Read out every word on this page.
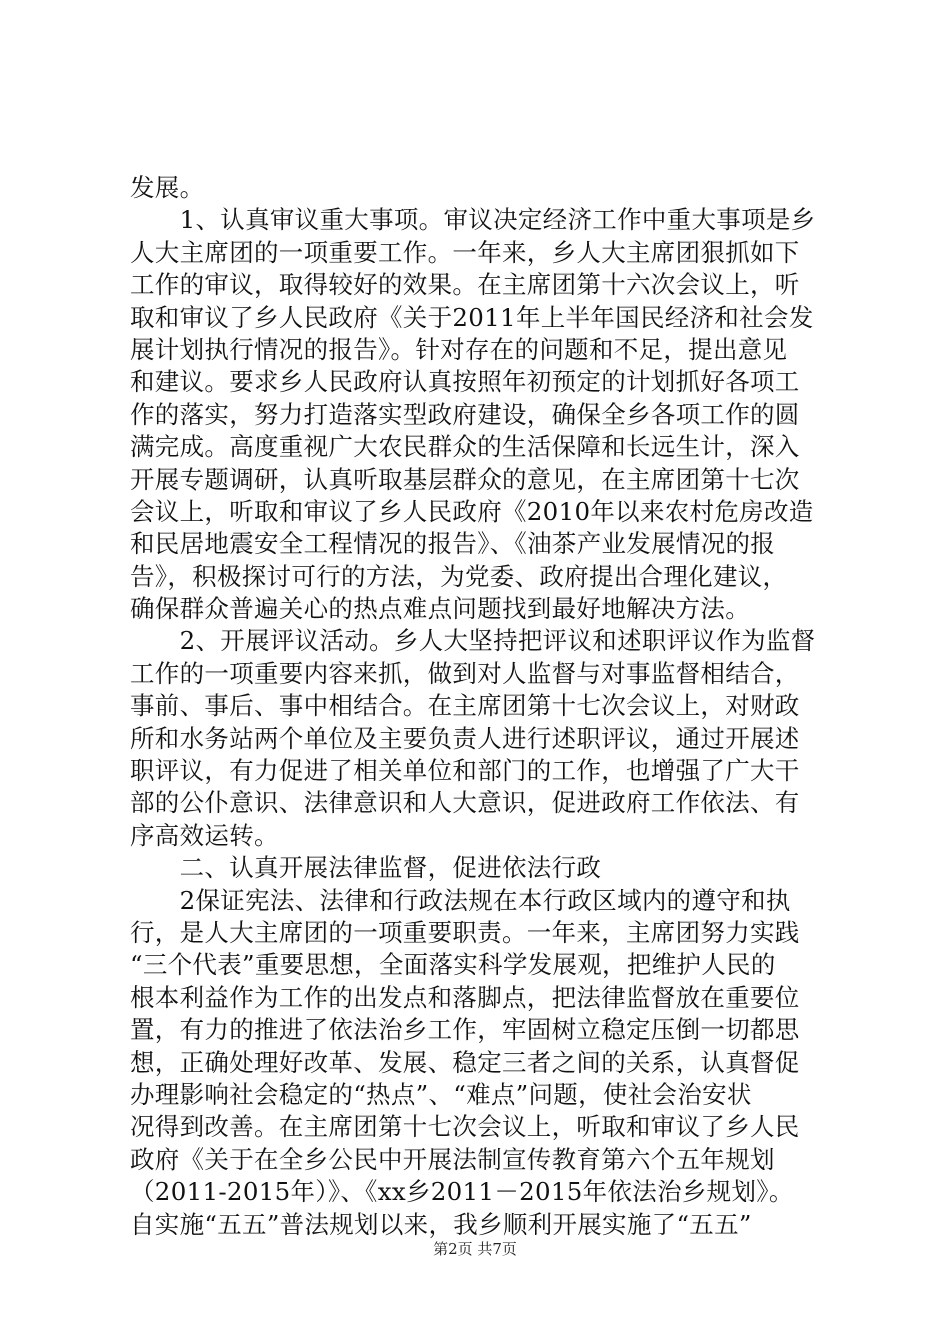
发展。
　　1、认真审议重大事项。审议决定经济工作中重大事项是乡
人大主席团的一项重要工作。一年来，乡人大主席团狠抓如下
工作的审议，取得较好的效果。在主席团第十六次会议上，听
取和审议了乡人民政府《关于2011年上半年国民经济和社会发
展计划执行情况的报告》。针对存在的问题和不足，提出意见
和建议。要求乡人民政府认真按照年初预定的计划抓好各项工
作的落实，努力打造落实型政府建设，确保全乡各项工作的圆
满完成。高度重视广大农民群众的生活保障和长远生计，深入
开展专题调研，认真听取基层群众的意见，在主席团第十七次
会议上，听取和审议了乡人民政府《2010年以来农村危房改造
和民居地震安全工程情况的报告》、《油茶产业发展情况的报
告》，积极探讨可行的方法，为党委、政府提出合理化建议，
确保群众普遍关心的热点难点问题找到最好地解决方法。
　　2、开展评议活动。乡人大坚持把评议和述职评议作为监督
工作的一项重要内容来抓，做到对人监督与对事监督相结合，
事前、事后、事中相结合。在主席团第十七次会议上，对财政
所和水务站两个单位及主要负责人进行述职评议，通过开展述
职评议，有力促进了相关单位和部门的工作，也增强了广大干
部的公仆意识、法律意识和人大意识，促进政府工作依法、有
序高效运转。
　　二、认真开展法律监督，促进依法行政
　　2保证宪法、法律和行政法规在本行政区域内的遵守和执
行，是人大主席团的一项重要职责。一年来，主席团努力实践
“三个代表”重要思想，全面落实科学发展观，把维护人民的
根本利益作为工作的出发点和落脚点，把法律监督放在重要位
置，有力的推进了依法治乡工作，牢固树立稳定压倒一切都思
想，正确处理好改革、发展、稳定三者之间的关系，认真督促
办理影响社会稳定的“热点”、“难点”问题，使社会治安状
况得到改善。在主席团第十七次会议上，听取和审议了乡人民
政府《关于在全乡公民中开展法制宣传教育第六个五年规划
（2011-2015年）》、《xx乡2011－2015年依法治乡规划》。
自实施“五五”普法规划以来，我乡顺利开展实施了“五五”
第2页 共7页
